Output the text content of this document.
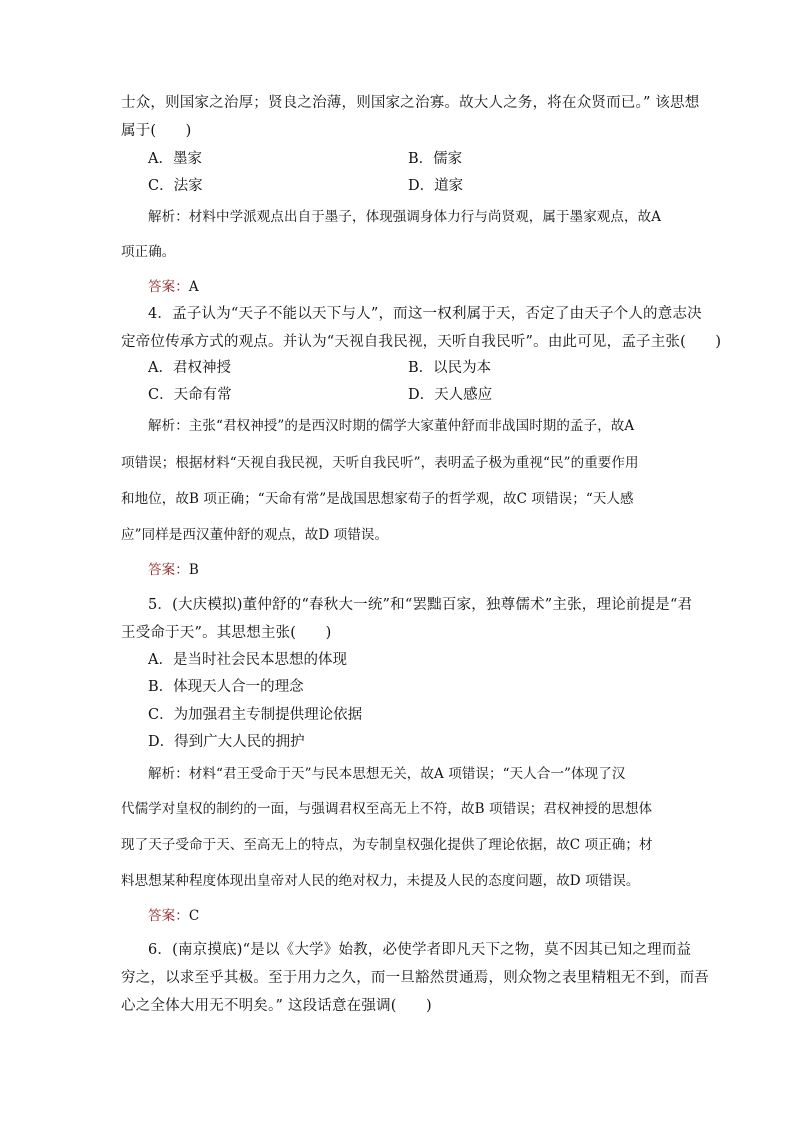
士众，则国家之治厚；贤良之治薄，则国家之治寡。故大人之务，将在众贤而已。” 该思想
属于(　　)
A．墨家	B．儒家
C．法家	D．道家
解析：材料中学派观点出自于墨子，体现强调身体力行与尚贤观，属于墨家观点，故A
项正确。
答案：A
4．孟子认为“天子不能以天下与人”，而这一权利属于天，否定了由天子个人的意志决
定帝位传承方式的观点。并认为“天视自我民视，天听自我民听”。由此可见，孟子主张(　　)
A．君权神授	B．以民为本
C．天命有常	D．天人感应
解析：主张“君权神授”的是西汉时期的儒学大家董仲舒而非战国时期的孟子，故A
项错误；根据材料“天视自我民视，天听自我民听”，表明孟子极为重视“民”的重要作用
和地位，故B 项正确；“天命有常”是战国思想家荀子的哲学观，故C 项错误；“天人感
应”同样是西汉董仲舒的观点，故D 项错误。
答案：B
5．(大庆模拟)董仲舒的“春秋大一统”和“罢黜百家，独尊儒术”主张，理论前提是“君
王受命于天”。其思想主张(　　)
A．是当时社会民本思想的体现
B．体现天人合一的理念
C．为加强君主专制提供理论依据
D．得到广大人民的拥护
解析：材料“君王受命于天”与民本思想无关，故A 项错误；“天人合一”体现了汉
代儒学对皇权的制约的一面，与强调君权至高无上不符，故B 项错误；君权神授的思想体
现了天子受命于天、至高无上的特点，为专制皇权强化提供了理论依据，故C 项正确；材
料思想某种程度体现出皇帝对人民的绝对权力，未提及人民的态度问题，故D 项错误。
答案：C
6．(南京摸底)“是以《大学》始教，必使学者即凡天下之物，莫不因其已知之理而益
穷之，以求至乎其极。至于用力之久，而一旦豁然贯通焉，则众物之表里精粗无不到，而吾
心之全体大用无不明矣。” 这段话意在强调(　　)
